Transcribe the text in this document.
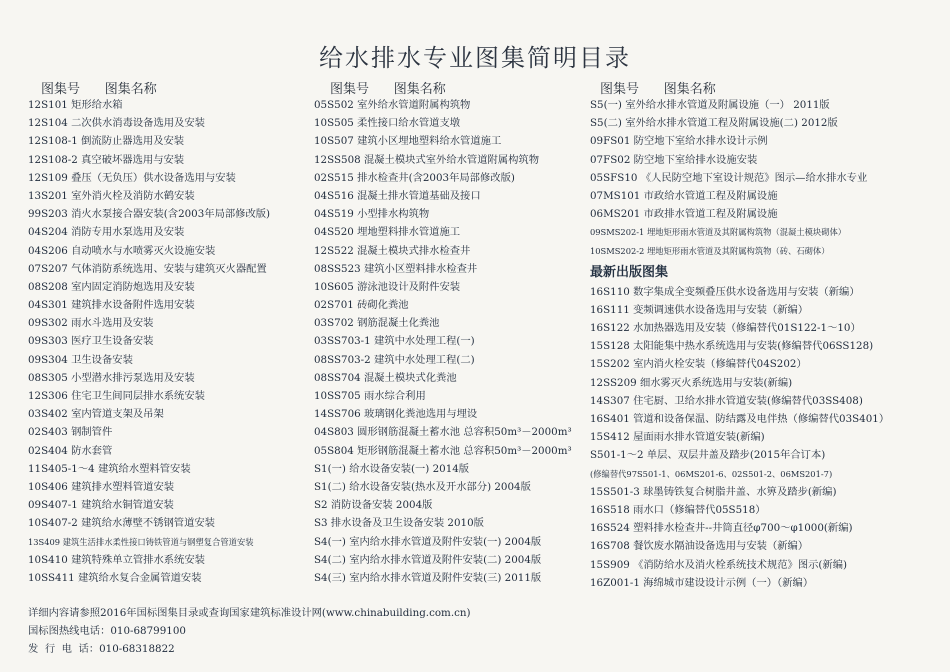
给水排水专业图集简明目录
图集号      图集名称
12S101 矩形给水箱
12S104 二次供水消毒设备选用及安装
12S108-1 倒流防止器选用及安装
12S108-2 真空破坏器选用与安装
12S109 叠压（无负压）供水设备选用与安装
13S201 室外消火栓及消防水鹤安装
99S203 消火水泵接合器安装(含2003年局部修改版)
04S204 消防专用水泵选用及安装
04S206 自动喷水与水喷雾灭火设施安装
07S207 气体消防系统选用、安装与建筑灭火器配置
08S208 室内固定消防炮选用及安装
04S301 建筑排水设备附件选用安装
09S302 雨水斗选用及安装
09S303 医疗卫生设备安装
09S304 卫生设备安装
08S305 小型潜水排污泵选用及安装
12S306 住宅卫生间同层排水系统安装
03S402 室内管道支架及吊架
02S403 钢制管件
02S404 防水套管
11S405-1～4 建筑给水塑料管安装
10S406 建筑排水塑料管道安装
09S407-1 建筑给水铜管道安装
10S407-2 建筑给水薄壁不锈钢管道安装
13S409 建筑生活排水柔性接口铸铁管道与钢塑复合管道安装
10S410 建筑特殊单立管排水系统安装
10SS411 建筑给水复合金属管道安装
图集号      图集名称
05S502 室外给水管道附属构筑物
10S505 柔性接口给水管道支墩
10S507 建筑小区埋地塑料给水管道施工
12SS508 混凝土模块式室外给水管道附属构筑物
02S515 排水检查井(含2003年局部修改版)
04S516 混凝土排水管道基础及接口
04S519 小型排水构筑物
04S520 埋地塑料排水管道施工
12S522 混凝土模块式排水检查井
08SS523 建筑小区塑料排水检查井
10S605 游泳池设计及附件安装
02S701 砖砌化粪池
03S702 钢筋混凝土化粪池
03SS703-1 建筑中水处理工程(一)
08SS703-2 建筑中水处理工程(二)
08SS704 混凝土模块式化粪池
10SS705 雨水综合利用
14SS706 玻璃钢化粪池选用与埋设
04S803 圆形钢筋混凝土蓄水池 总容积50m³－2000m³
05S804 矩形钢筋混凝土蓄水池 总容积50m³－2000m³
S1(一) 给水设备安装(一) 2014版
S1(二) 给水设备安装(热水及开水部分) 2004版
S2 消防设备安装 2004版
S3 排水设备及卫生设备安装 2010版
S4(一) 室内给水排水管道及附件安装(一) 2004版
S4(二) 室内给水排水管道及附件安装(二) 2004版
S4(三) 室内给水排水管道及附件安装(三) 2011版
图集号      图集名称
S5(一) 室外给水排水管道及附属设施（一） 2011版
S5(二) 室外给水排水管道工程及附属设施(二) 2012版
09FS01 防空地下室给水排水设计示例
07FS02 防空地下室给排水设施安装
05SFS10 《人民防空地下室设计规范》图示—给水排水专业
07MS101 市政给水管道工程及附属设施
06MS201 市政排水管道工程及附属设施
09SMS202-1 埋地矩形雨水管道及其附属构筑物（混凝土模块砌体）
10SMS202-2 埋地矩形雨水管道及其附属构筑物（砖、石砌体）
最新出版图集
16S110 数字集成全变频叠压供水设备选用与安装（新编）
16S111 变频调速供水设备选用与安装（新编）
16S122 水加热器选用及安装（修编替代01S122-1～10）
15S128 太阳能集中热水系统选用与安装(修编替代06SS128)
15S202 室内消火栓安装（修编替代04S202）
12SS209 细水雾灭火系统选用与安装(新编)
14S307 住宅厨、卫给水排水管道安装(修编替代03SS408)
16S401 管道和设备保温、防结露及电伴热（修编替代03S401）
15S412 屋面雨水排水管道安装(新编)
S501-1～2 单层、双层井盖及踏步(2015年合订本)
(修编替代97S501-1、06MS201-6、02S501-2、06MS201-7)
15S501-3 球墨铸铁复合树脂井盖、水箅及踏步(新编)
16S518 雨水口（修编替代05S518）
16S524 塑料排水检查井--井筒直径φ700～φ1000(新编)
16S708 餐饮废水隔油设备选用与安装（新编）
15S909 《消防给水及消火栓系统技术规范》图示(新编)
16Z001-1 海绵城市建设设计示例（一）（新编）
详细内容请参照2016年国标图集目录或查询国家建筑标准设计网(www.chinabuilding.com.cn)
国标图热线电话：010-68799100
发  行  电  话：010-68318822
